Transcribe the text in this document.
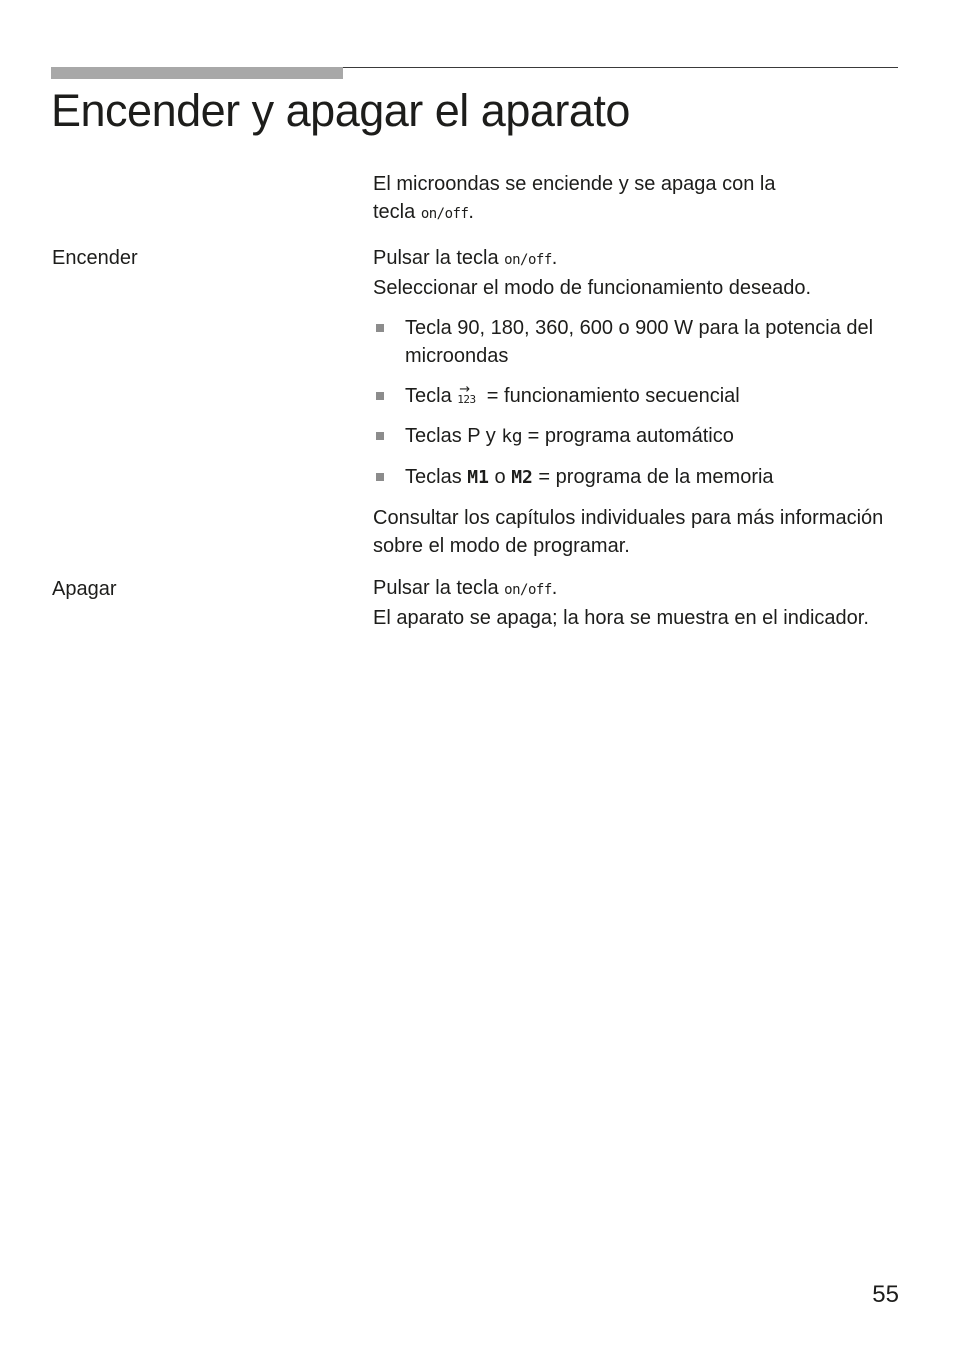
Encender y apagar el aparato

El microondas se enciende y se apaga con la
tecla on/off.

Encender	Pulsar la tecla on/off.
Seleccionar el modo de funcionamiento deseado.

Tecla 90, 180, 360, 600 o 900 W para la potencia del microondas
Tecla →
123 = funcionamiento secuencial
Teclas P y kg = programa automático
Teclas M1 o M2 = programa de la memoria

Consultar los capítulos individuales para más información sobre el modo de programar.

Apagar	Pulsar la tecla on/off.

El aparato se apaga; la hora se muestra en el indicador.

55
